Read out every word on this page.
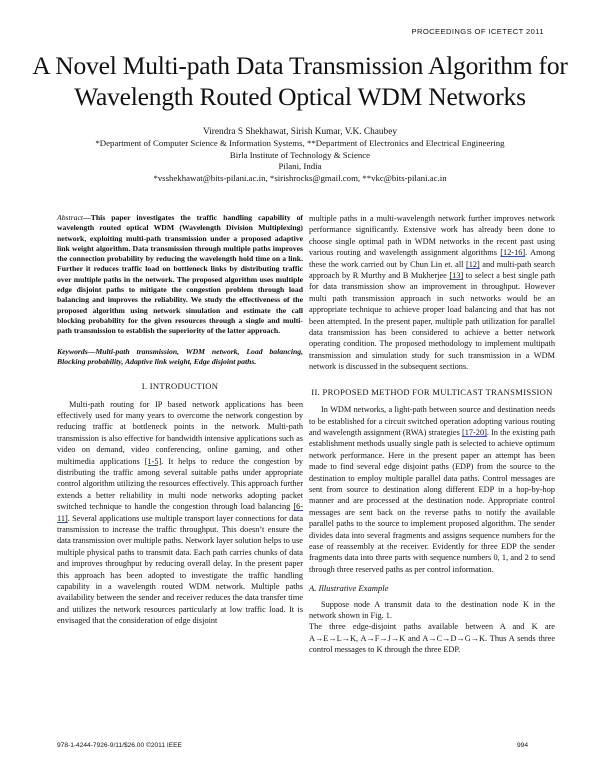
PROCEEDINGS OF ICETECT 2011
A Novel Multi-path Data Transmission Algorithm for
Wavelength Routed Optical WDM Networks
Virendra S Shekhawat, Sirish Kumar, V.K. Chaubey
*Department of Computer Science & Information Systems, **Department of Electronics and Electrical Engineering
Birla Institute of Technology & Science
Pilani, India
*vsshekhawat@bits-pilani.ac.in, *sirishrocks@gmail.com, **vkc@bits-pilani.ac.in
Abstract—This paper investigates the traffic handling capability of wavelength routed optical WDM (Wavelength Division Multiplexing) network, exploiting multi-path transmission under a proposed adaptive link weight algorithm. Data transmission through multiple paths improves the connection probability by reducing the wavelength hold time on a link. Further it reduces traffic load on bottleneck links by distributing traffic over multiple paths in the network. The proposed algorithm uses multiple edge disjoint paths to mitigate the congestion problem through load balancing and improves the reliability. We study the effectiveness of the proposed algorithm using network simulation and estimate the call blocking probability for the given resources through a single and multi-path transmission to establish the superiority of the latter approach.
Keywords—Multi-path transmission, WDM network, Load balancing, Blocking probability, Adaptive link weight, Edge disjoint paths.
I. INTRODUCTION

Multi-path routing for IP based network applications has been effectively used for many years to overcome the network congestion by reducing traffic at bottleneck points in the network. Multi-path transmission is also effective for bandwidth intensive applications such as video on demand, video conferencing, online gaming, and other multimedia applications [1-5]. It helps to reduce the congestion by distributing the traffic among several suitable paths under appropriate control algorithm utilizing the resources effectively. This approach further extends a better reliability in multi node networks adopting packet switched technique to handle the congestion through load balancing [6-11]. Several applications use multiple transport layer connections for data transmission to increase the traffic throughput. This doesn’t ensure the data transmission over multiple paths. Network layer solution helps to use multiple physical paths to transmit data. Each path carries chunks of data and improves throughput by reducing overall delay. In the present paper this approach has been adopted to investigate the traffic handling capability in a wavelength routed WDM network. Multiple paths availability between the sender and receiver reduces the data transfer time and utilizes the network resources particularly at low traffic load. It is envisaged that the consideration of edge disjoint

multiple paths in a multi-wavelength network further improves network performance significantly. Extensive work has already been done to choose single optimal path in WDM networks in the recent past using various routing and wavelength assignment algorithms [12-16]. Among these the work carried out by Chun Lin et. all [12] and multi-path search approach by R Murthy and B Mukherjee [13] to select a best single path for data transmission show an improvement in throughput. However multi path transmission approach in such networks would be an appropriate technique to achieve proper load balancing and that has not been attempted. In the present paper, multiple path utilization for parallel data transmission has been considered to achieve a better network operating condition. The proposed methodology to implement multipath transmission and simulation study for such transmission in a WDM network is discussed in the subsequent sections.

II. PROPOSED METHOD FOR MULTICAST TRANSMISSION

In WDM networks, a light-path between source and destination needs to be established for a circuit switched operation adopting various routing and wavelength assignment (RWA) strategies [17-20]. In the existing path establishment methods usually single path is selected to achieve optimum network performance. Here in the present paper an attempt has been made to find several edge disjoint paths (EDP) from the source to the destination to employ multiple parallel data paths. Control messages are sent from source to destination along different EDP in a hop-by-hop manner and are processed at the destination node. Appropriate control messages are sent back on the reverse paths to notify the available parallel paths to the source to implement proposed algorithm. The sender divides data into several fragments and assigns sequence numbers for the ease of reassembly at the receiver. Evidently for three EDP the sender fragments data into three parts with sequence numbers 0, 1, and 2 to send through three reserved paths as per control information.

A. Illustrative Example

Suppose node A transmit data to the destination node K in the network shown in Fig. 1.

The three edge-disjoint paths available between A and K are A→E→L→K, A→F→J→K and A→C→D→G→K. Thus A sends three control messages to K through the three EDP.

978-1-4244-7926-9/11/$26.00 ©2011 IEEE	994
